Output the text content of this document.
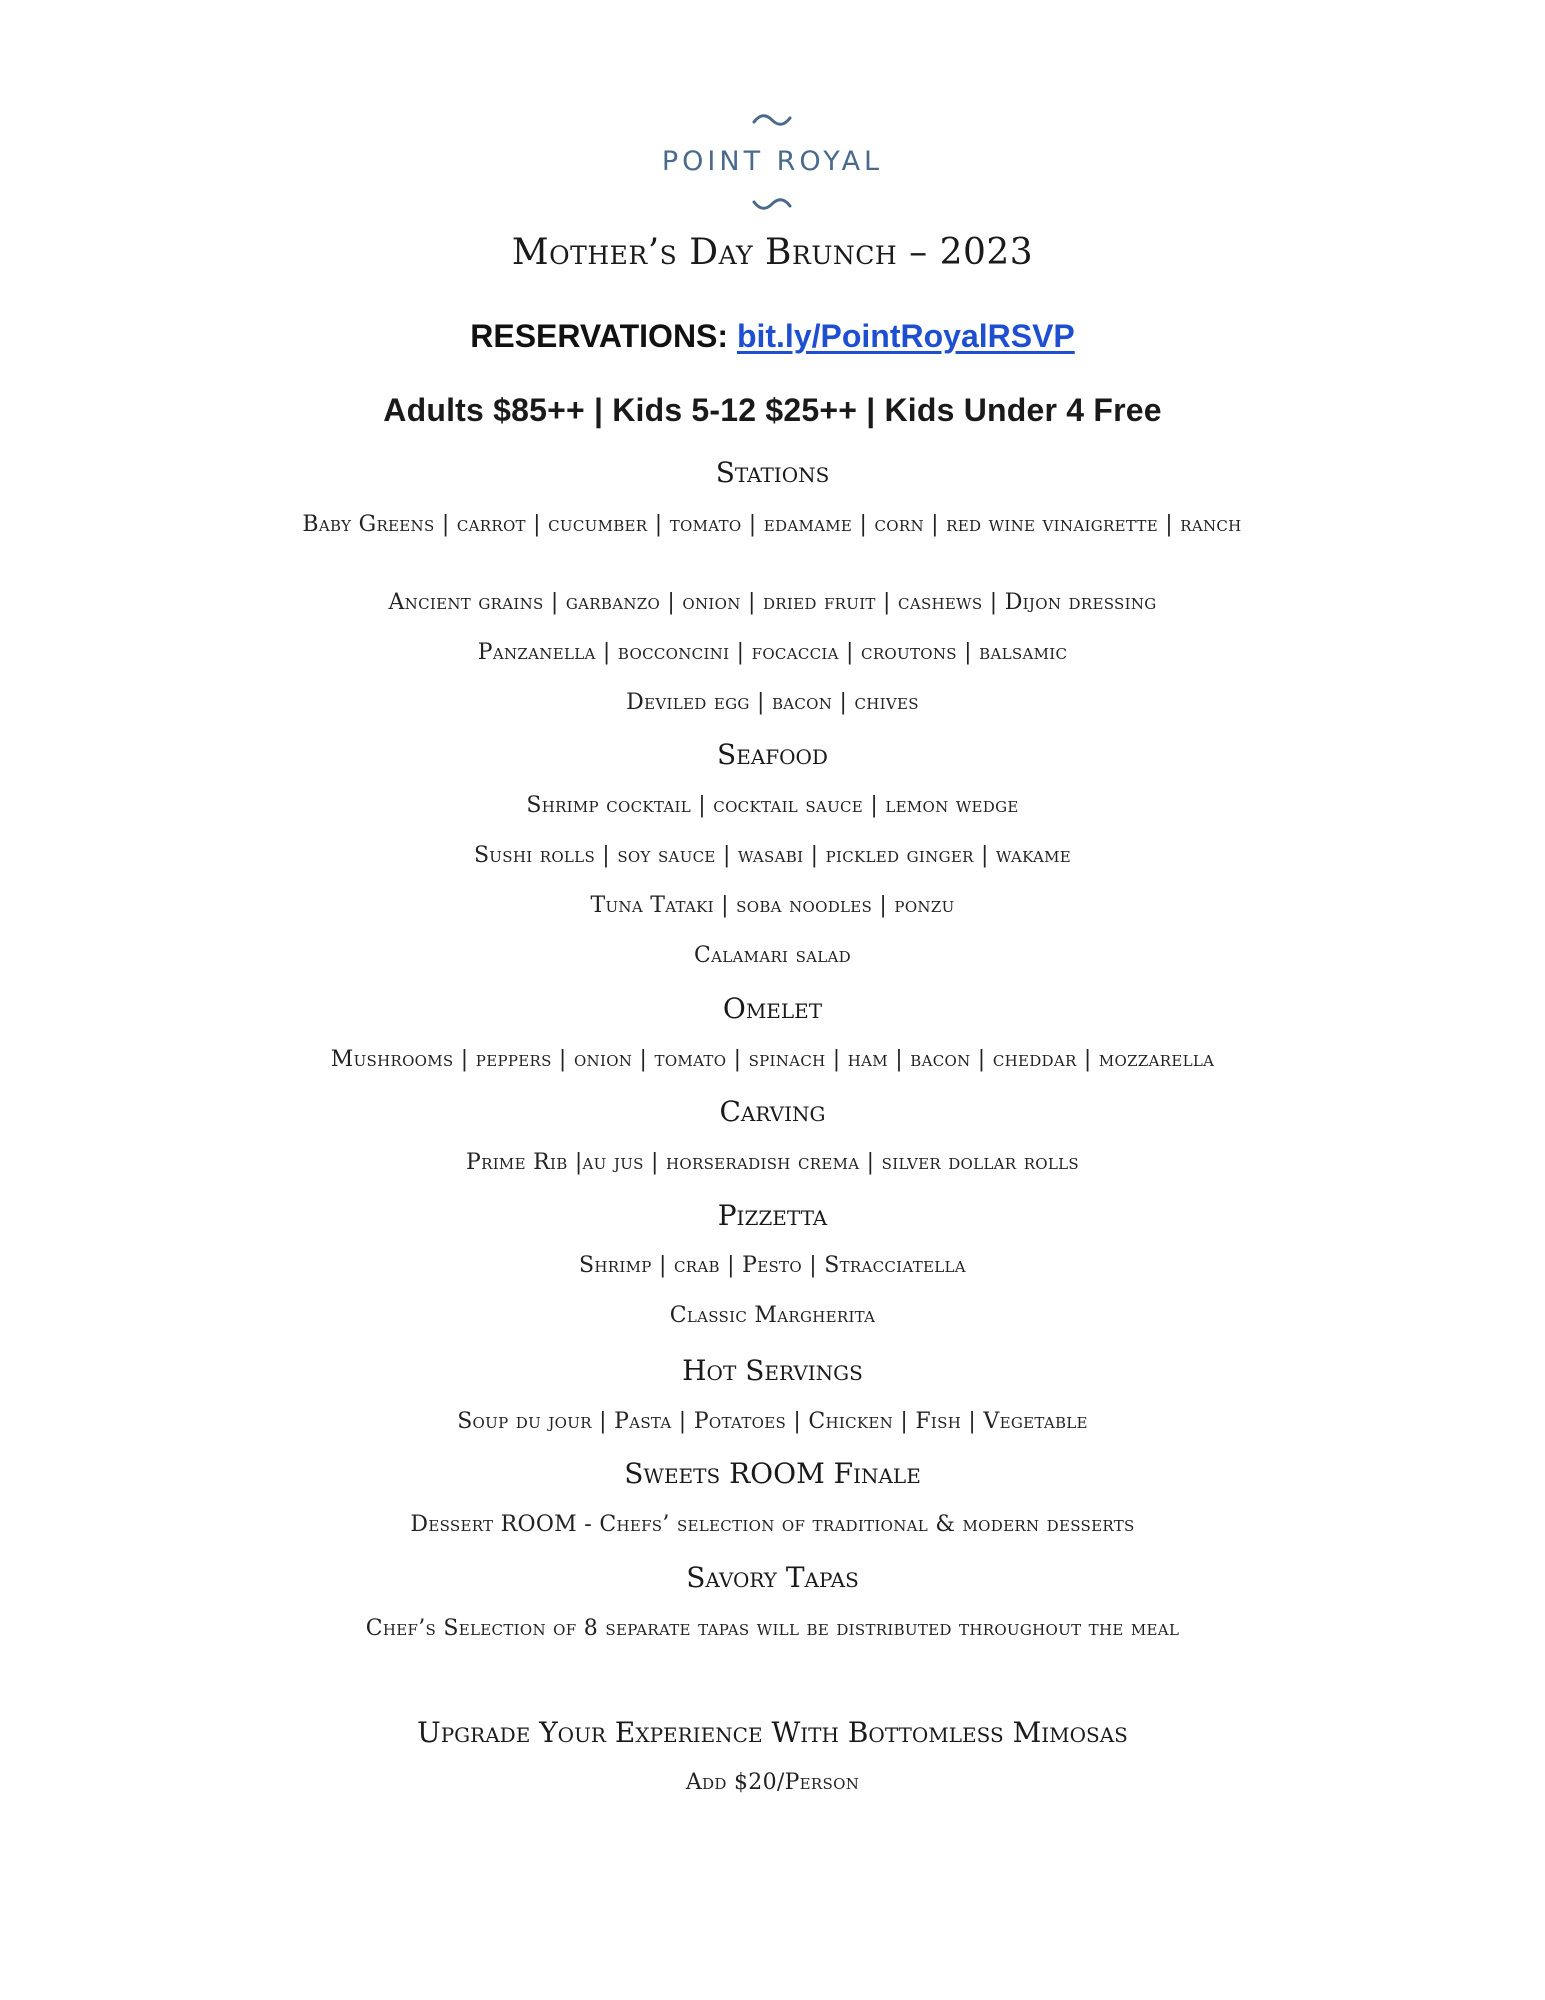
POINT ROYAL
Mother’s Day Brunch – 2023
RESERVATIONS: bit.ly/PointRoyalRSVP
Adults $85++ | Kids 5-12 $25++ | Kids Under 4 Free
Stations
Baby Greens | carrot | cucumber | tomato | edamame | corn | red wine vinaigrette | ranch
Ancient grains | garbanzo | onion | dried fruit | cashews | Dijon dressing
Panzanella | bocconcini | focaccia | croutons | balsamic
Deviled egg | bacon | chives
Seafood
Shrimp cocktail | cocktail sauce | lemon wedge
Sushi rolls | soy sauce | wasabi | pickled ginger | wakame
Tuna Tataki | soba noodles | ponzu
Calamari salad
Omelet
Mushrooms | peppers | onion | tomato | spinach | ham | bacon | cheddar | mozzarella
Carving
Prime Rib |au jus | horseradish crema | silver dollar rolls
Pizzetta
Shrimp | crab | Pesto | Stracciatella
Classic Margherita
Hot Servings
Soup du jour | Pasta | Potatoes | Chicken | Fish | Vegetable
Sweets ROOM Finale
Dessert ROOM - Chefs’ selection of traditional & modern desserts
Savory Tapas
Chef’s Selection of 8 separate tapas will be distributed throughout the meal
Upgrade Your Experience With Bottomless Mimosas
Add $20/Person
